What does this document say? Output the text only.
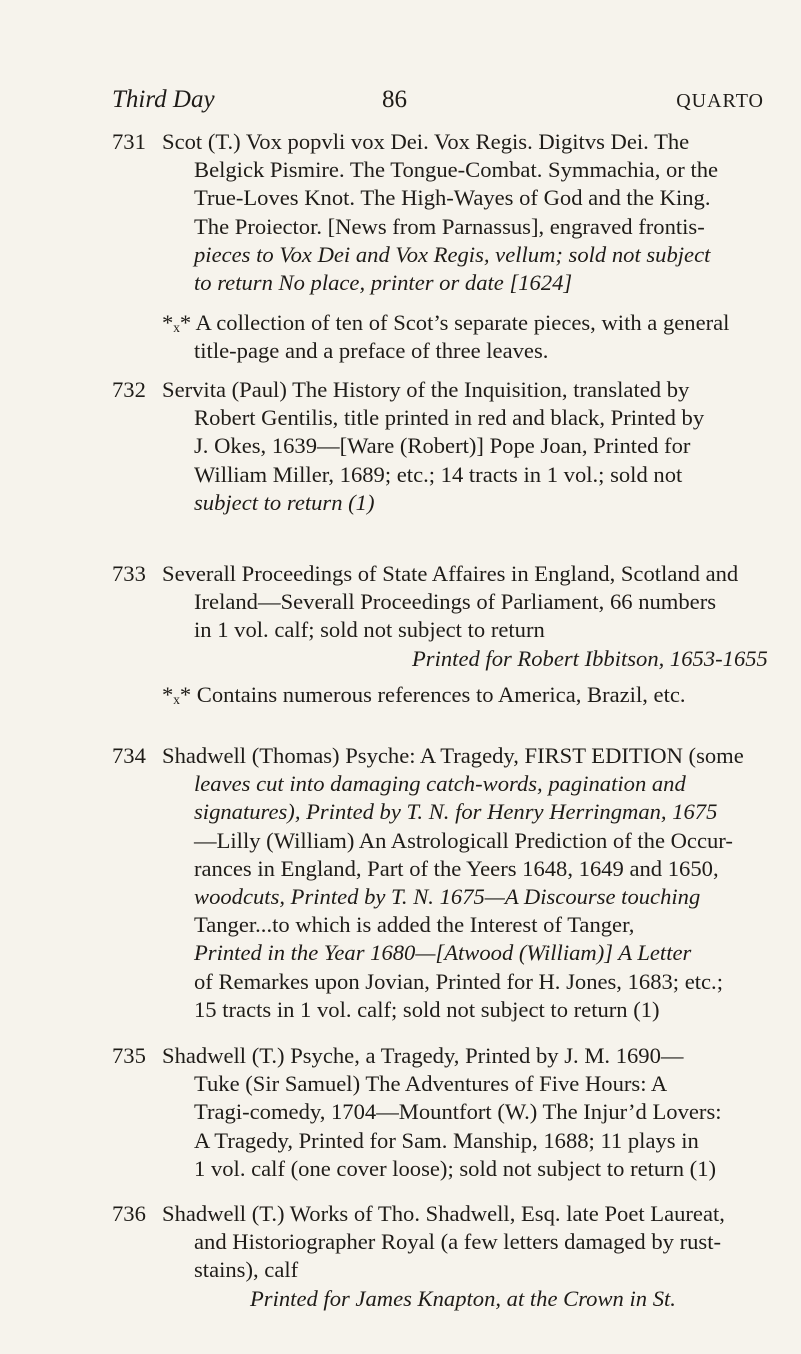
Third Day	86	QUARTO
731 Scot (T.) Vox popvli vox Dei. Vox Regis. Digitvs Dei. The
Belgick Pismire. The Tongue-Combat. Symmachia, or the
True-Loves Knot. The High-Wayes of God and the King.
The Proiector. [News from Parnassus], engraved frontis-
pieces to Vox Dei and Vox Regis, vellum; sold not subject
to return No place, printer or date [1624]
*ₓ* A collection of ten of Scot’s separate pieces, with a general
title-page and a preface of three leaves.
732 Servita (Paul) The History of the Inquisition, translated by
Robert Gentilis, title printed in red and black, Printed by
J. Okes, 1639—[Ware (Robert)] Pope Joan, Printed for
William Miller, 1689; etc.; 14 tracts in 1 vol.; sold not
subject to return (1)
733 Severall Proceedings of State Affaires in England, Scotland and
Ireland—Severall Proceedings of Parliament, 66 numbers
in 1 vol. calf; sold not subject to return
Printed for Robert Ibbitson, 1653-1655
*ₓ* Contains numerous references to America, Brazil, etc.
734 Shadwell (Thomas) Psyche: A Tragedy, FIRST EDITION (some
leaves cut into damaging catch-words, pagination and
signatures), Printed by T. N. for Henry Herringman, 1675
—Lilly (William) An Astrologicall Prediction of the Occur-
rances in England, Part of the Yeers 1648, 1649 and 1650,
woodcuts, Printed by T. N. 1675—A Discourse touching
Tanger...to which is added the Interest of Tanger,
Printed in the Year 1680—[Atwood (William)] A Letter
of Remarkes upon Jovian, Printed for H. Jones, 1683; etc.;
15 tracts in 1 vol. calf; sold not subject to return (1)
735 Shadwell (T.) Psyche, a Tragedy, Printed by J. M. 1690—
Tuke (Sir Samuel) The Adventures of Five Hours: A
Tragi-comedy, 1704—Mountfort (W.) The Injur’d Lovers:
A Tragedy, Printed for Sam. Manship, 1688; 11 plays in
1 vol. calf (one cover loose); sold not subject to return (1)
736 Shadwell (T.) Works of Tho. Shadwell, Esq. late Poet Laureat,
and Historiographer Royal (a few letters damaged by rust-
stains), calf
Printed for James Knapton, at the Crown in St.
